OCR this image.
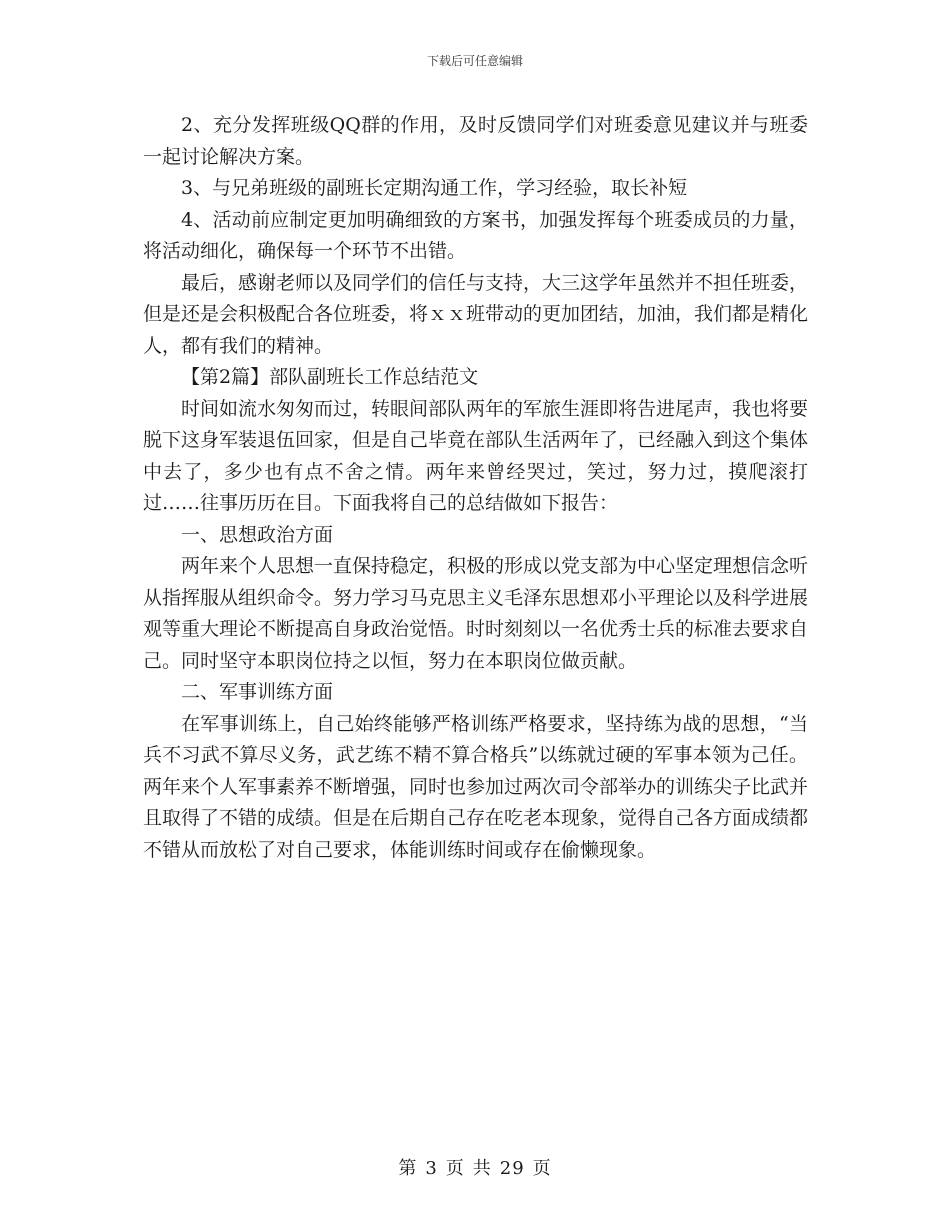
下载后可任意编辑

2、充分发挥班级QQ群的作用，及时反馈同学们对班委意见建议并与班委一起讨论解决方案。

3、与兄弟班级的副班长定期沟通工作，学习经验，取长补短

4、活动前应制定更加明确细致的方案书，加强发挥每个班委成员的力量，将活动细化，确保每一个环节不出错。

最后，感谢老师以及同学们的信任与支持，大三这学年虽然并不担任班委，但是还是会积极配合各位班委，将ｘｘ班带动的更加团结，加油，我们都是精化人，都有我们的精神。

【第2篇】部队副班长工作总结范文

时间如流水匆匆而过，转眼间部队两年的军旅生涯即将告进尾声，我也将要脱下这身军装退伍回家，但是自己毕竟在部队生活两年了，已经融入到这个集体中去了，多少也有点不舍之情。两年来曾经哭过，笑过，努力过，摸爬滚打过……往事历历在目。下面我将自己的总结做如下报告：

一、思想政治方面

两年来个人思想一直保持稳定，积极的形成以党支部为中心坚定理想信念听从指挥服从组织命令。努力学习马克思主义毛泽东思想邓小平理论以及科学进展观等重大理论不断提高自身政治觉悟。时时刻刻以一名优秀士兵的标准去要求自己。同时坚守本职岗位持之以恒，努力在本职岗位做贡献。

二、军事训练方面

在军事训练上，自己始终能够严格训练严格要求，坚持练为战的思想，“当兵不习武不算尽义务，武艺练不精不算合格兵”以练就过硬的军事本领为己任。两年来个人军事素养不断增强，同时也参加过两次司令部举办的训练尖子比武并且取得了不错的成绩。但是在后期自己存在吃老本现象，觉得自己各方面成绩都不错从而放松了对自己要求，体能训练时间或存在偷懒现象。

第 3 页 共 29 页
